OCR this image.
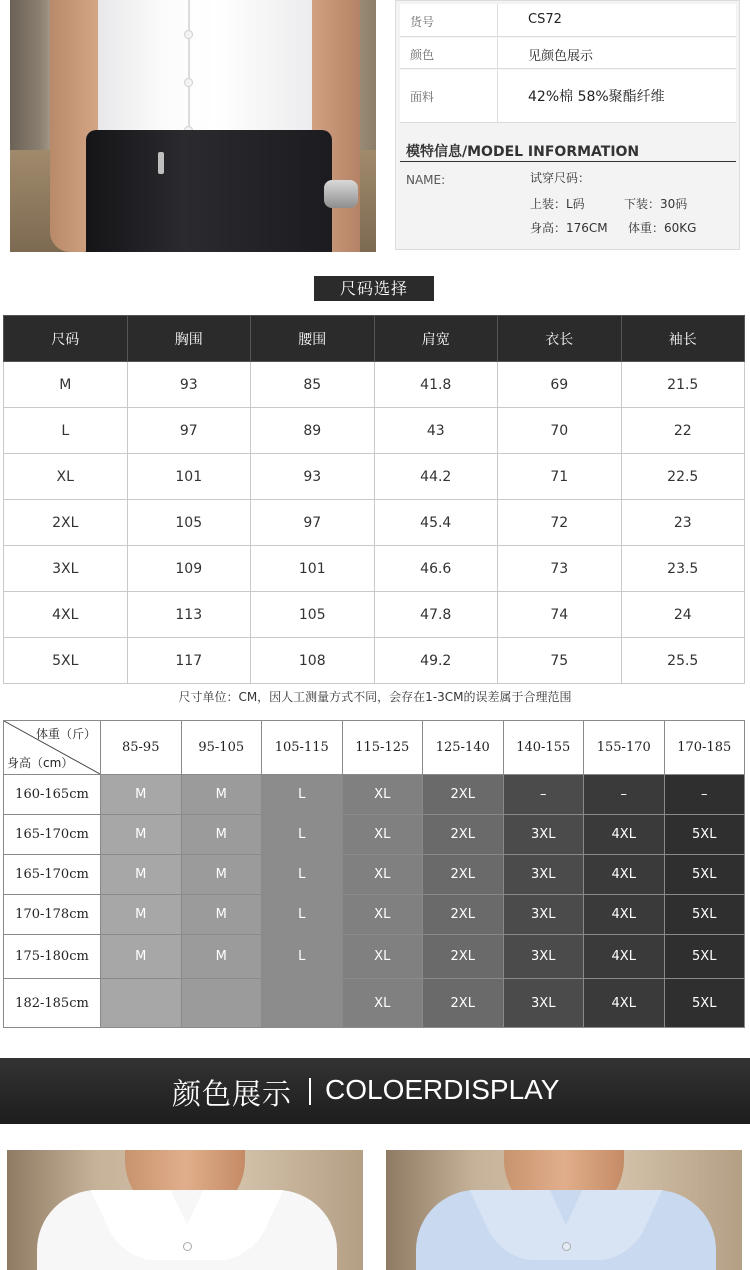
货号	CS72
颜色	见颜色展示
面料	42%棉 58%聚酯纤维
模特信息/MODEL INFORMATION
NAME:	试穿尺码：
上装：L码	下装：30码
身高：176CM 体重：60KG
尺码选择
尺码	胸围	腰围	肩宽	衣长	袖长
M	93	85	41.8	69	21.5
L	97	89	43	70	22
XL	101	93	44.2	71	22.5
2XL	105	97	45.4	72	23
3XL	109	101	46.6	73	23.5
4XL	113	105	47.8	74	24
5XL	117	108	49.2	75	25.5
尺寸单位：CM，因人工测量方式不同，会存在1-3CM的误差属于合理范围
体重（斤）
身高（cm）	85-95	95-105	105-115	115-125	125-140	140-155	155-170	170-185
160-165cm	M	M	L	XL	2XL	–	–	–
165-170cm	M	M	L	XL	2XL	3XL	4XL	5XL
165-170cm	M	M	L	XL	2XL	3XL	4XL	5XL
170-178cm	M	M	L	XL	2XL	3XL	4XL	5XL
175-180cm	M	M	L	XL	2XL	3XL	4XL	5XL
182-185cm				XL	2XL	3XL	4XL	5XL
颜色展示 COLOERDISPLAY
